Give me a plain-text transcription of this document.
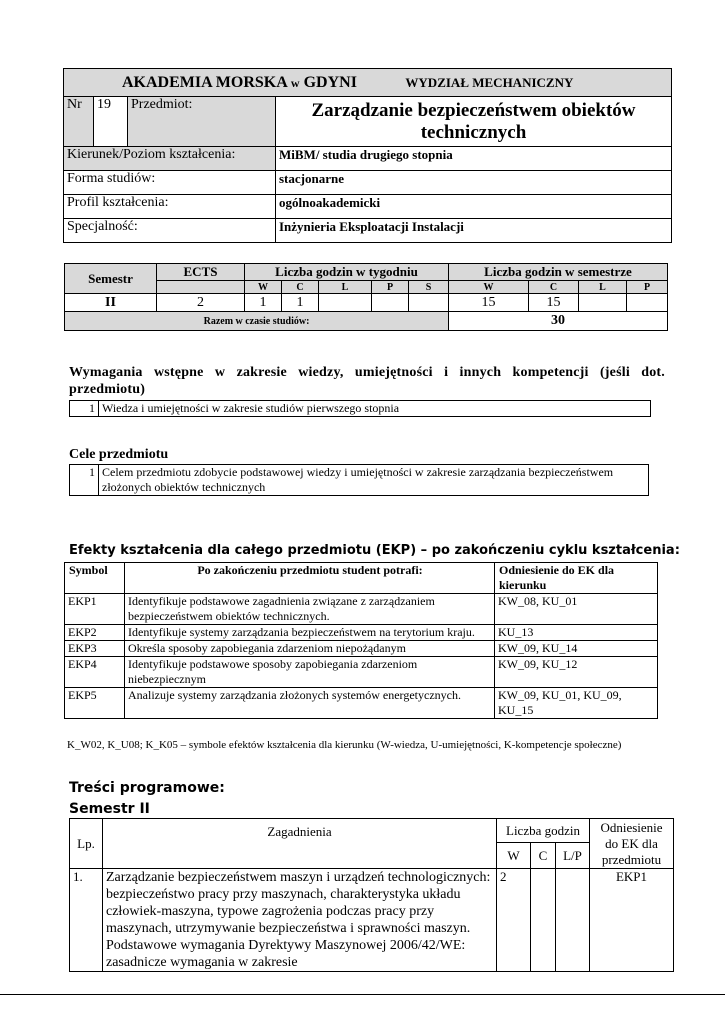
AKADEMIA MORSKA w GDYNI WYDZIAŁ MECHANICZNY			
Nr	19	Przedmiot:	Zarządzanie bezpieczeństwem obiektów technicznych
Kierunek/Poziom kształcenia:			MiBM/ studia drugiego stopnia
Forma studiów:			stacjonarne
Profil kształcenia:			ogólnoakademicki
Specjalność:			Inżynieria Eksploatacji Instalacji
Semestr	ECTS	Liczba godzin w tygodniu					Liczba godzin w semestrze			
		W	C	L	P	S	W	C	L	P
II	2	1	1				15	15		
Razem w czasie studiów:							30			
Wymagania wstępne w zakresie wiedzy, umiejętności i innych kompetencji (jeśli dot. przedmiotu)
1	Wiedza i umiejętności w zakresie studiów pierwszego stopnia
Cele przedmiotu
1	Celem przedmiotu zdobycie podstawowej wiedzy i umiejętności w zakresie zarządzania bezpieczeństwem złożonych obiektów technicznych
Efekty kształcenia dla całego przedmiotu (EKP) – po zakończeniu cyklu kształcenia:
Symbol	Po zakończeniu przedmiotu student potrafi:	Odniesienie do EK dla kierunku
EKP1	Identyfikuje podstawowe zagadnienia związane z zarządzaniem bezpieczeństwem obiektów technicznych.	KW_08, KU_01
EKP2	Identyfikuje systemy zarządzania bezpieczeństwem na terytorium kraju.	KU_13
EKP3	Określa sposoby zapobiegania zdarzeniom niepożądanym	KW_09, KU_14
EKP4	Identyfikuje podstawowe sposoby zapobiegania zdarzeniom niebezpiecznym	KW_09, KU_12
EKP5	Analizuje systemy zarządzania złożonych systemów energetycznych.	KW_09, KU_01, KU_09, KU_15
K_W02, K_U08; K_K05 – symbole efektów kształcenia dla kierunku (W-wiedza, U-umiejętności, K-kompetencje społeczne)
Treści programowe:
Semestr II
Lp.	Zagadnienia	Liczba godzin			Odniesienie do EK dla przedmiotu
		W	C	L/P	
1.	Zarządzanie bezpieczeństwem maszyn i urządzeń technologicznych: bezpieczeństwo pracy przy maszynach, charakterystyka układu człowiek-maszyna, typowe zagrożenia podczas pracy przy maszynach, utrzymywanie bezpieczeństwa i sprawności maszyn. Podstawowe wymagania Dyrektywy Maszynowej 2006/42/WE: zasadnicze wymagania w zakresie	2			EKP1
